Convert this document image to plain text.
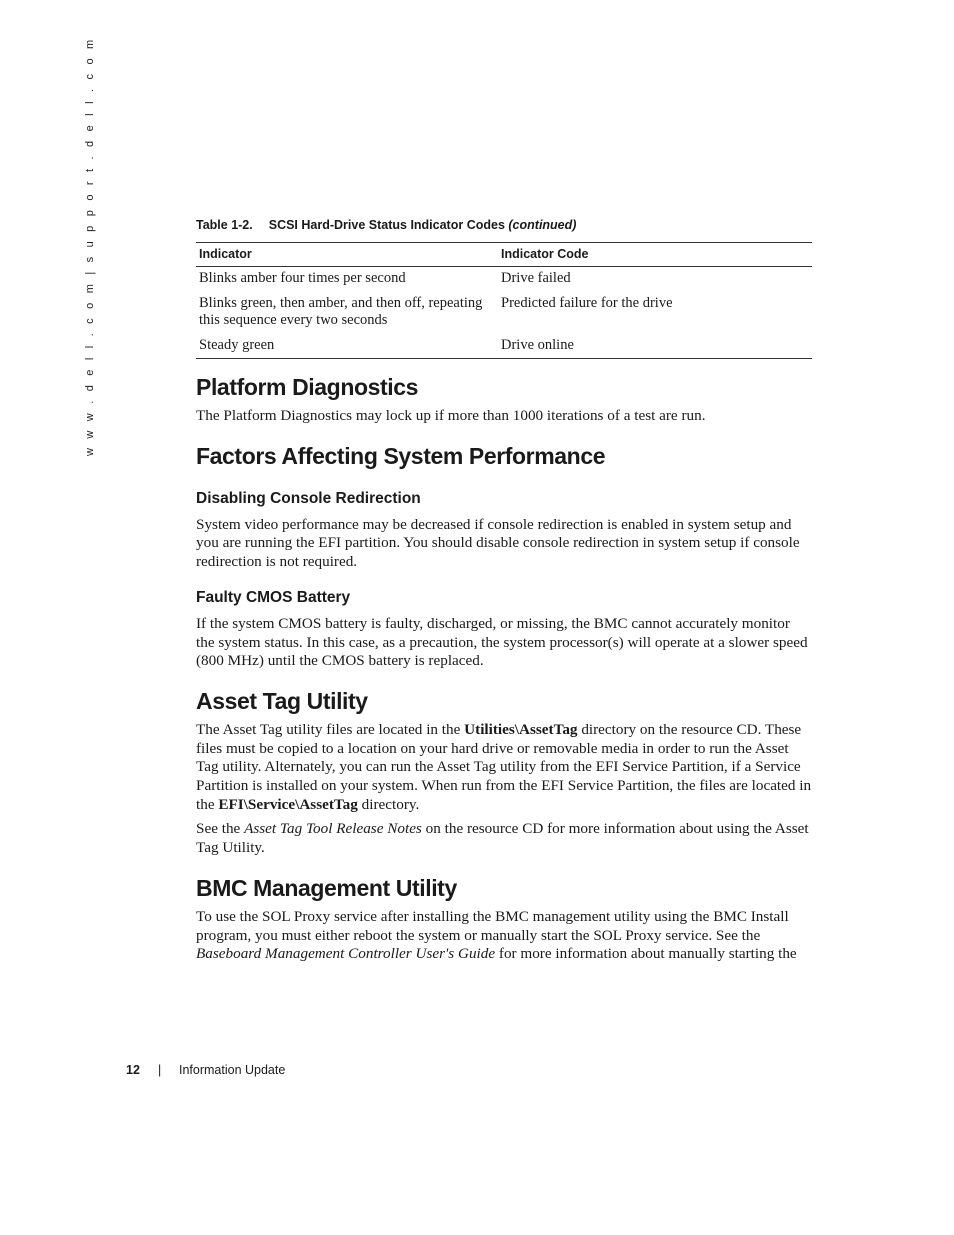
w w w . d e l l . c o m | s u p p o r t . d e l l . c o m	Table 1-2. SCSI Hard-Drive Status Indicator Codes (continued)
Indicator	Indicator Code
Blinks amber four times per second	Drive failed
Blinks green, then amber, and then off, repeating this sequence every two seconds	Predicted failure for the drive
Steady green	Drive online
Platform Diagnostics

The Platform Diagnostics may lock up if more than 1000 iterations of a test are run.

Factors Affecting System Performance
Disabling Console Redirection

System video performance may be decreased if console redirection is enabled in system setup and you are running the EFI partition. You should disable console redirection in system setup if console redirection is not required.

Faulty CMOS Battery

If the system CMOS battery is faulty, discharged, or missing, the BMC cannot accurately monitor the system status. In this case, as a precaution, the system processor(s) will operate at a slower speed (800 MHz) until the CMOS battery is replaced.

Asset Tag Utility

The Asset Tag utility files are located in the Utilities\AssetTag directory on the resource CD. These files must be copied to a location on your hard drive or removable media in order to run the Asset Tag utility. Alternately, you can run the Asset Tag utility from the EFI Service Partition, if a Service Partition is installed on your system. When run from the EFI Service Partition, the files are located in the EFI\Service\AssetTag directory.

See the Asset Tag Tool Release Notes on the resource CD for more information about using the Asset Tag Utility.

BMC Management Utility

To use the SOL Proxy service after installing the BMC management utility using the BMC Install program, you must either reboot the system or manually start the SOL Proxy service. See the Baseboard Management Controller User's Guide for more information about manually starting the

12 | Information Update
